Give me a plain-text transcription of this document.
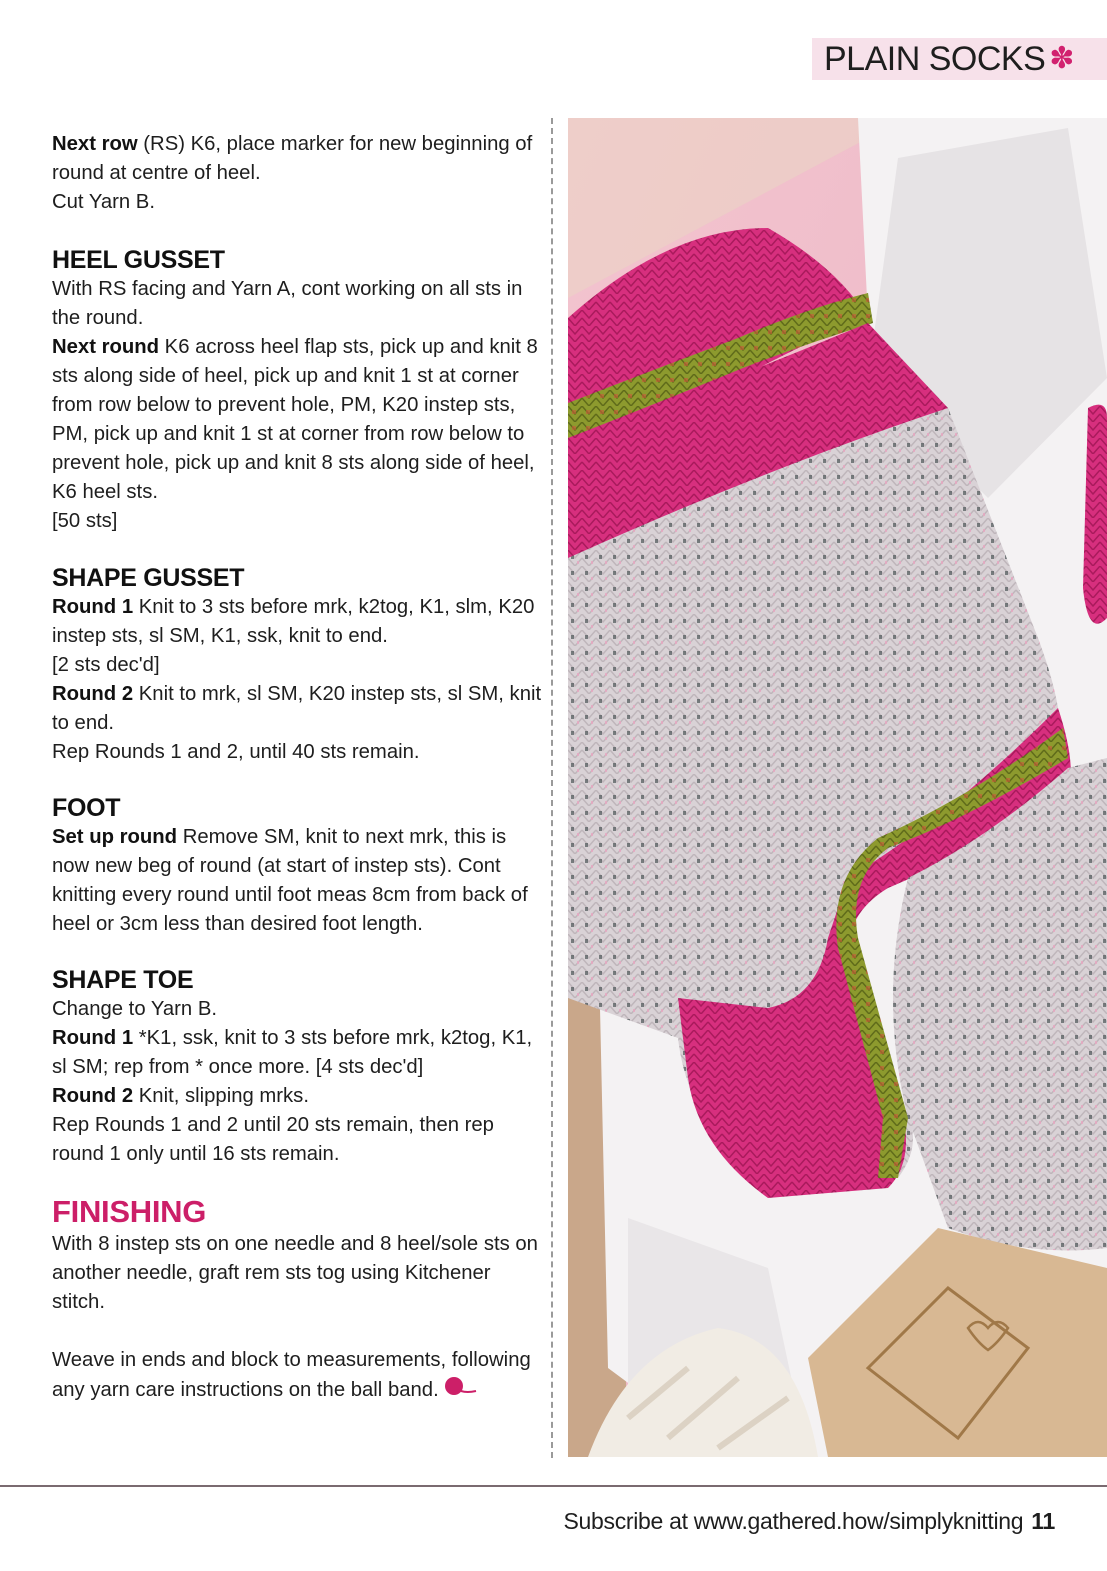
PLAIN SOCKS ✽

Next row (RS) K6, place marker for new beginning of round at centre of heel.

Cut Yarn B.

HEEL GUSSET

With RS facing and Yarn A, cont working on all sts in the round.

Next round K6 across heel flap sts, pick up and knit 8 sts along side of heel, pick up and knit 1 st at corner from row below to prevent hole, PM, K20 instep sts, PM, pick up and knit 1 st at corner from row below to prevent hole, pick up and knit 8 sts along side of heel, K6 heel sts.

[50 sts]

SHAPE GUSSET

Round 1 Knit to 3 sts before mrk, k2tog, K1, slm, K20 instep sts, sl SM, K1, ssk, knit to end.

[2 sts dec'd]

Round 2 Knit to mrk, sl SM, K20 instep sts, sl SM, knit to end.

Rep Rounds 1 and 2, until 40 sts remain.

FOOT

Set up round Remove SM, knit to next mrk, this is now new beg of round (at start of instep sts). Cont knitting every round until foot meas 8cm from back of heel or 3cm less than desired foot length.

SHAPE TOE

Change to Yarn B.

Round 1 *K1, ssk, knit to 3 sts before mrk, k2tog, K1, sl SM; rep from * once more. [4 sts dec'd]

Round 2 Knit, slipping mrks.

Rep Rounds 1 and 2 until 20 sts remain, then rep round 1 only until 16 sts remain.

FINISHING

With 8 instep sts on one needle and 8 heel/sole sts on another needle, graft rem sts tog using Kitchener stitch.

Weave in ends and block to measurements, following any yarn care instructions on the ball band.

Subscribe at www.gathered.how/simplyknitting 11
